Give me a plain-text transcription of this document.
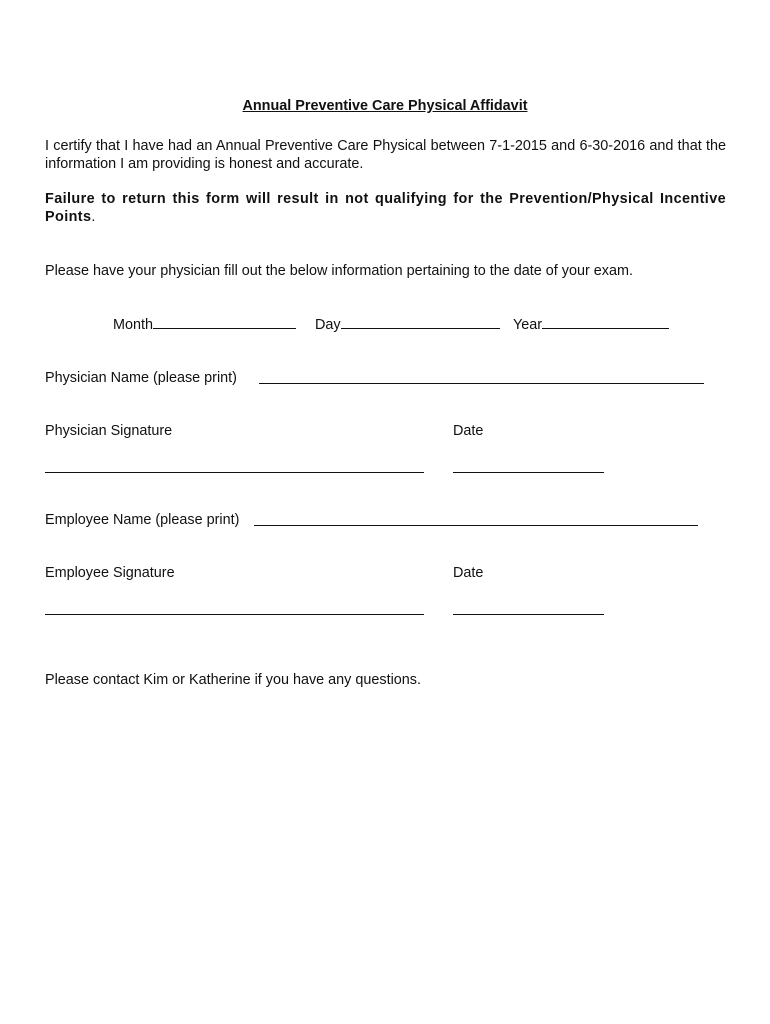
Annual Preventive Care Physical Affidavit
I certify that I have had an Annual Preventive Care Physical between 7-1-2015 and 6-30-2016 and that the information I am providing is honest and accurate.
Failure to return this form will result in not qualifying for the Prevention/Physical Incentive Points.
Please have your physician fill out the below information pertaining to the date of your exam.
Month	Day	Year
Physician Name (please print)
Physician Signature	Date
Employee Name (please print)
Employee Signature	Date
Please contact Kim or Katherine if you have any questions.
